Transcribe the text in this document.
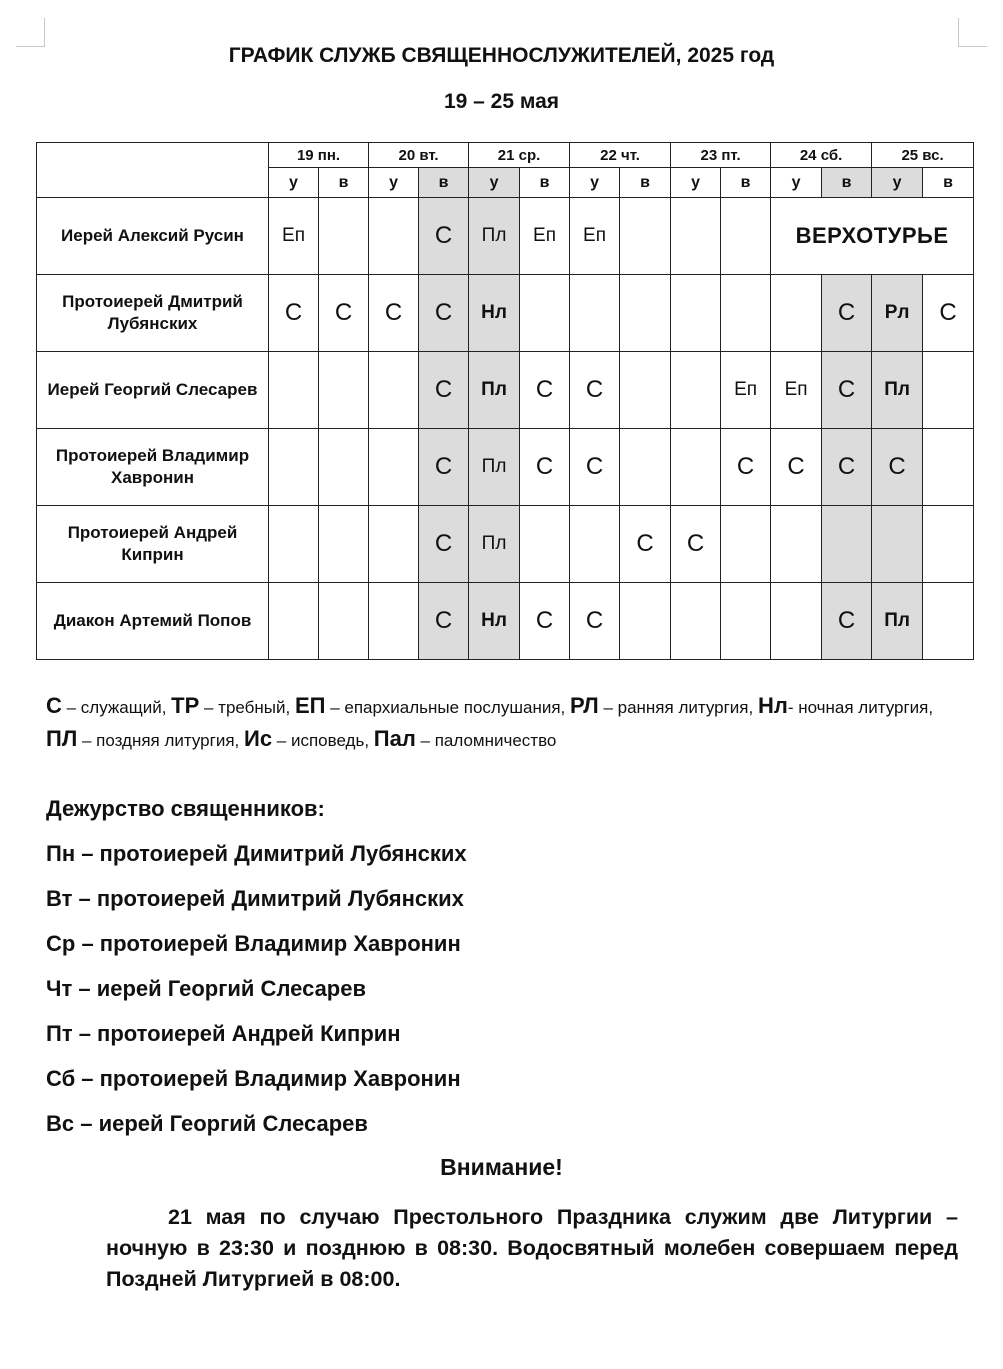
ГРАФИК СЛУЖБ СВЯЩЕННОСЛУЖИТЕЛЕЙ, 2025 год
19 – 25 мая
	19 пн.		20 вт.		21 ср.		22 чт.		23 пт.		24 сб.		25 вс.	
	у	в	у	в	у	в	у	в	у	в	у	в	у	в
Иерей Алексий Русин	Еп			С	Пл	Еп	Еп				ВЕРХОТУРЬЕ			
Протоиерей Дмитрий Лубянских	С	С	С	С	Нл							С	Рл	С
Иерей Георгий Слесарев				С	Пл	С	С			Еп	Еп	С	Пл	
Протоиерей Владимир Хавронин				С	Пл	С	С			С	С	С	С	
Протоиерей Андрей Киприн				С	Пл			С	С					
Диакон Артемий Попов				С	Нл	С	С					С	Пл	
С – служащий, ТР – требный, ЕП – епархиальные послушания, РЛ – ранняя литургия, Нл- ночная литургия, ПЛ – поздняя литургия, Ис – исповедь, Пал – паломничество
Дежурство священников:
Пн – протоиерей Димитрий Лубянских
Вт – протоиерей Димитрий Лубянских
Ср – протоиерей Владимир Хавронин
Чт – иерей Георгий Слесарев
Пт – протоиерей Андрей Киприн
Сб – протоиерей Владимир Хавронин
Вс – иерей Георгий Слесарев
Внимание!

21 мая по случаю Престольного Праздника служим две Литургии – ночную в 23:30 и позднюю в 08:30. Водосвятный молебен совершаем перед Поздней Литургией в 08:00.
